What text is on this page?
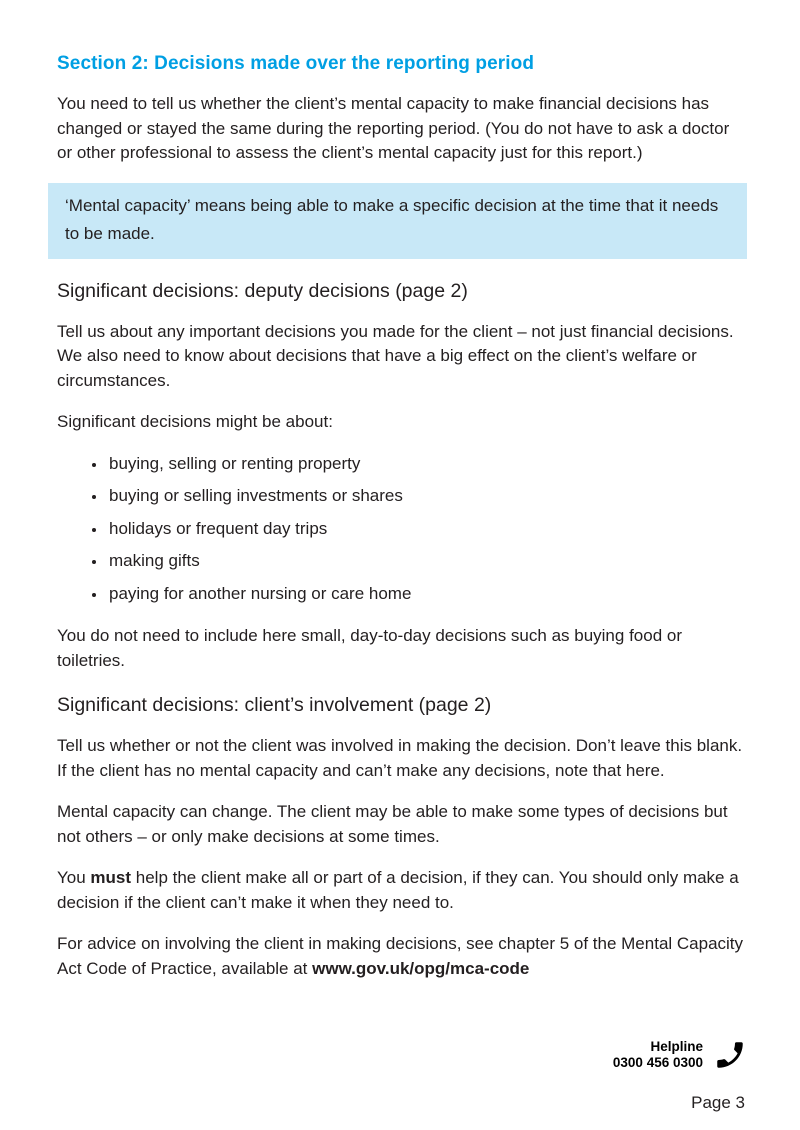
Section 2: Decisions made over the reporting period

You need to tell us whether the client’s mental capacity to make financial decisions has changed or stayed the same during the reporting period. (You do not have to ask a doctor or other professional to assess the client’s mental capacity just for this report.)

‘Mental capacity’ means being able to make a specific decision at the time that it needs to be made.

Significant decisions: deputy decisions (page 2)

Tell us about any important decisions you made for the client – not just financial decisions. We also need to know about decisions that have a big effect on the client’s welfare or circumstances.

Significant decisions might be about:

• buying, selling or renting property
• buying or selling investments or shares
• holidays or frequent day trips
• making gifts
• paying for another nursing or care home

You do not need to include here small, day-to-day decisions such as buying food or toiletries.

Significant decisions: client’s involvement (page 2)

Tell us whether or not the client was involved in making the decision. Don’t leave this blank. If the client has no mental capacity and can’t make any decisions, note that here.

Mental capacity can change. The client may be able to make some types of decisions but not others – or only make decisions at some times.

You must help the client make all or part of a decision, if they can. You should only make a decision if the client can’t make it when they need to.

For advice on involving the client in making decisions, see chapter 5 of the Mental Capacity Act Code of Practice, available at www.gov.uk/opg/mca-code

Helpline
0300 456 0300
Page 3
